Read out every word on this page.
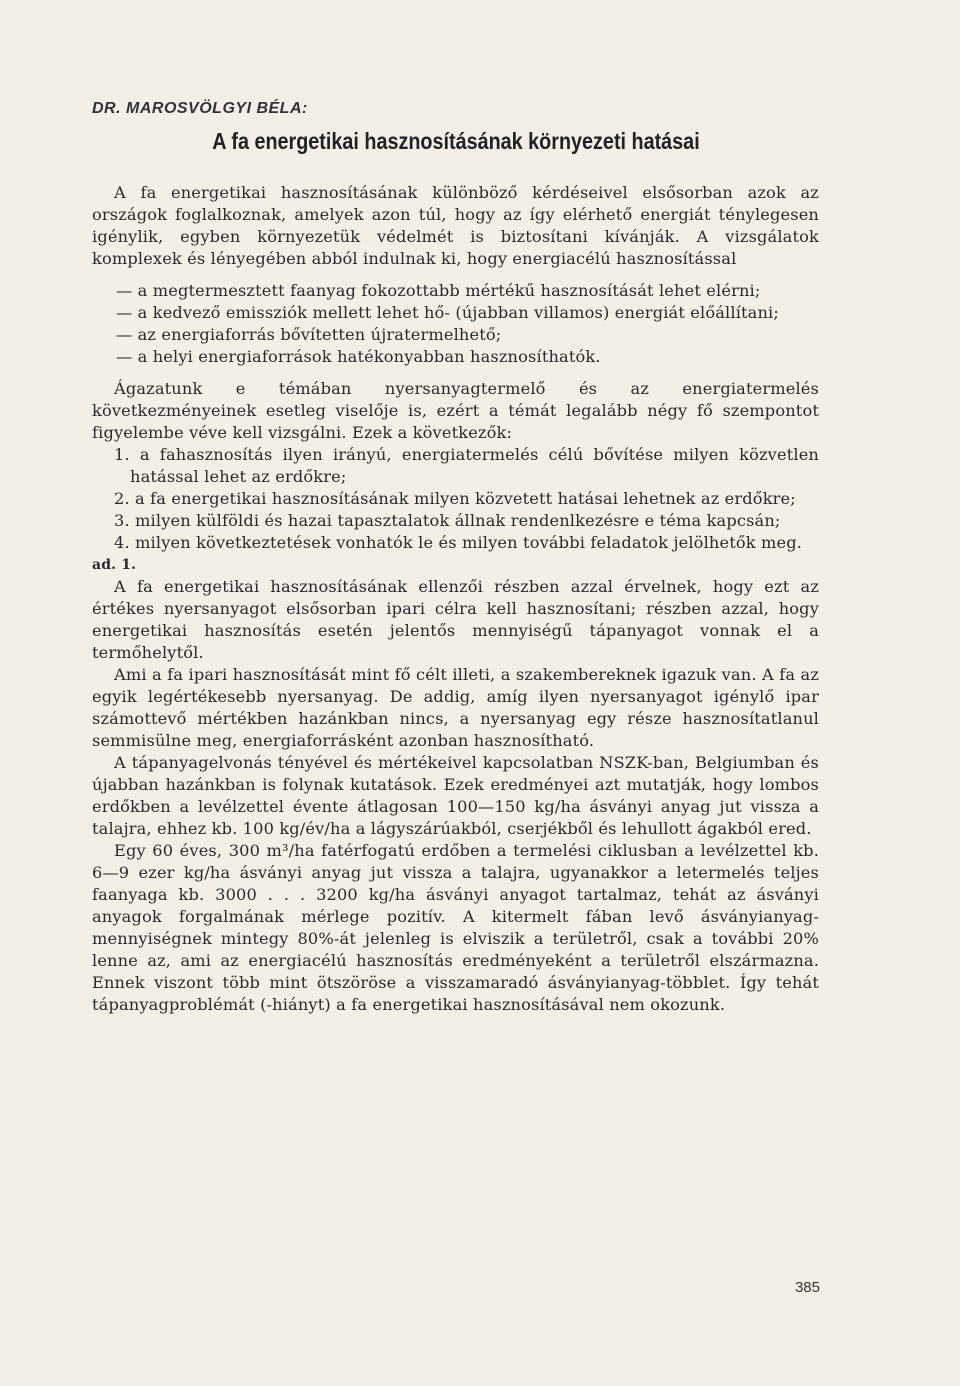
DR. MAROSVÖLGYI BÉLA:
A fa energetikai hasznosításának környezeti hatásai

A fa energetikai hasznosításának különböző kérdéseivel elsősorban azok az országok foglalkoznak, amelyek azon túl, hogy az így elérhető energiát ténylegesen igénylik, egyben környezetük védelmét is biztosítani kívánják. A vizsgálatok komplexek és lényegében abból indulnak ki, hogy energiacélú hasznosítással

— a megtermesztett faanyag fokozottabb mértékű hasznosítását lehet elérni;

— a kedvező emissziók mellett lehet hő- (újabban villamos) energiát előállítani;

— az energiaforrás bővítetten újratermelhető;

— a helyi energiaforrások hatékonyabban hasznosíthatók.

Ágazatunk e témában nyersanyagtermelő és az energiatermelés következményeinek esetleg viselője is, ezért a témát legalább négy fő szempontot figyelembe véve kell vizsgálni. Ezek a következők:

1. a fahasznosítás ilyen irányú, energiatermelés célú bővítése milyen közvetlen hatással lehet az erdőkre;

2. a fa energetikai hasznosításának milyen közvetett hatásai lehetnek az erdőkre;

3. milyen külföldi és hazai tapasztalatok állnak rendenlkezésre e téma kapcsán;

4. milyen következtetések vonhatók le és milyen további feladatok jelölhetők meg.

ad. 1.

A fa energetikai hasznosításának ellenzői részben azzal érvelnek, hogy ezt az értékes nyersanyagot elsősorban ipari célra kell hasznosítani; részben azzal, hogy energetikai hasznosítás esetén jelentős mennyiségű tápanyagot vonnak el a termőhelytől.

Ami a fa ipari hasznosítását mint fő célt illeti, a szakembereknek igazuk van. A fa az egyik legértékesebb nyersanyag. De addig, amíg ilyen nyersanyagot igénylő ipar számottevő mértékben hazánkban nincs, a nyersanyag egy része hasznosítatlanul semmisülne meg, energiaforrásként azonban hasznosítható.

A tápanyagelvonás tényével és mértékeivel kapcsolatban NSZK-ban, Belgiumban és újabban hazánkban is folynak kutatások. Ezek eredményei azt mutatják, hogy lombos erdőkben a levélzettel évente átlagosan 100—150 kg/ha ásványi anyag jut vissza a talajra, ehhez kb. 100 kg/év/ha a lágyszárúakból, cserjékből és lehullott ágakból ered.

Egy 60 éves, 300 m³/ha fatérfogatú erdőben a termelési ciklusban a levélzettel kb. 6—9 ezer kg/ha ásványi anyag jut vissza a talajra, ugyanakkor a letermelés teljes faanyaga kb. 3000 . . . 3200 kg/ha ásványi anyagot tartalmaz, tehát az ásványi anyagok forgalmának mérlege pozitív. A kitermelt fában levő ásványianyag-mennyiségnek mintegy 80%-át jelenleg is elviszik a területről, csak a további 20% lenne az, ami az energiacélú hasznosítás eredményeként a területről elszármazna. Ennek viszont több mint ötszöröse a visszamaradó ásványianyag-többlet. Így tehát tápanyagproblémát (-hiányt) a fa energetikai hasznosításával nem okozunk.

385
